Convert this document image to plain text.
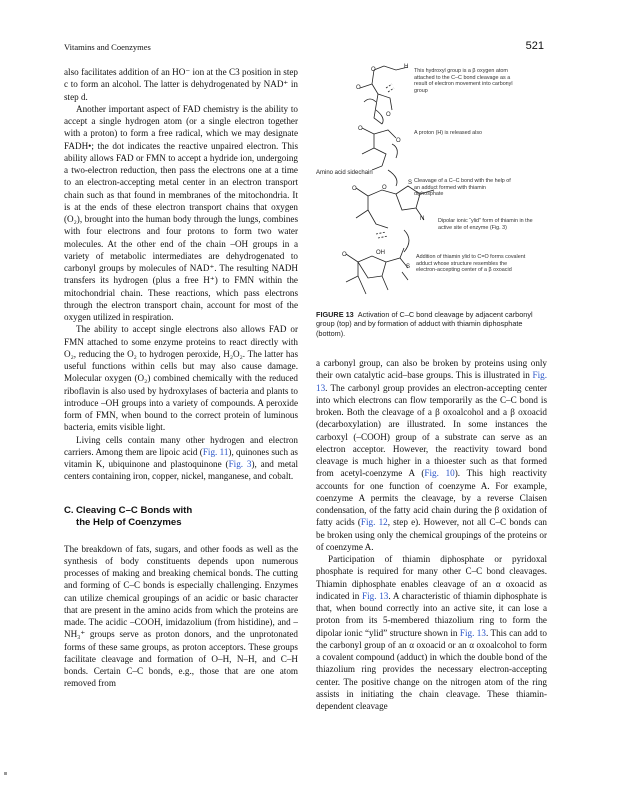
Vitamins and Coenzymes	521

also facilitates addition of an HO⁻ ion at the C3 position in step c to form an alcohol. The latter is dehydrogenated by NAD⁺ in step d.

Another important aspect of FAD chemistry is the ability to accept a single hydrogen atom (or a single electron together with a proton) to form a free radical, which we may designate FADH•; the dot indicates the reactive unpaired electron. This ability allows FAD or FMN to accept a hydride ion, undergoing a two-electron reduction, then pass the electrons one at a time to an electron-accepting metal center in an electron transport chain such as that found in membranes of the mitochondria. It is at the ends of these electron transport chains that oxygen (O₂), brought into the human body through the lungs, combines with four electrons and four protons to form two water molecules. At the other end of the chain –OH groups in a variety of metabolic intermediates are dehydrogenated to carbonyl groups by molecules of NAD⁺. The resulting NADH transfers its hydrogen (plus a free H⁺) to FMN within the mitochondrial chain. These reactions, which pass electrons through the electron transport chain, account for most of the oxygen utilized in respiration.

The ability to accept single electrons also allows FAD or FMN attached to some enzyme proteins to react directly with O₂, reducing the O₂ to hydrogen peroxide, H₂O₂. The latter has useful functions within cells but may also cause damage. Molecular oxygen (O₂) combined chemically with the reduced riboflavin is also used by hydroxylases of bacteria and plants to introduce –OH groups into a variety of compounds. A peroxide form of FMN, when bound to the correct protein of luminous bacteria, emits visible light.

Living cells contain many other hydrogen and electron carriers. Among them are lipoic acid (Fig. 11), quinones such as vitamin K, ubiquinone and plastoquinone (Fig. 3), and metal centers containing iron, copper, nickel, manganese, and cobalt.

C. Cleaving C–C Bonds with
the Help of Coenzymes

The breakdown of fats, sugars, and other foods as well as the synthesis of body constituents depends upon numerous processes of making and breaking chemical bonds. The cutting and forming of C–C bonds is especially challenging. Enzymes can utilize chemical groupings of an acidic or basic character that are present in the amino acids from which the proteins are made. The acidic –COOH, imidazolium (from histidine), and –NH₃⁺ groups serve as proton donors, and the unprotonated forms of these same groups, as proton acceptors. These groups facilitate cleavage and formation of O–H, N–H, and C–H bonds. Certain C–C bonds, e.g., those that are one atom removed from

O	H
O
O
O
O
O	O
S
N
O	OH
S
Amino acid sidechain
This hydroxyl group is a β oxygen atom attached to the C–C bond cleavage as a result of electron movement into carbonyl group
A proton (H) is released also
Cleavage of a C–C bond with the help of an adduct formed with thiamin diphosphate
Dipolar ionic “ylid” form of thiamin in the active site of enzyme (Fig. 3)
Addition of thiamin ylid to C=O forms covalent adduct whose structure resembles the electron-accepting center of a β oxoacid
FIGURE 13 Activation of C–C bond cleavage by adjacent carbonyl group (top) and by formation of adduct with thiamin diphosphate (bottom).

a carbonyl group, can also be broken by proteins using only their own catalytic acid–base groups. This is illustrated in Fig. 13. The carbonyl group provides an electron-accepting center into which electrons can flow temporarily as the C–C bond is broken. Both the cleavage of a β oxoalcohol and a β oxoacid (decarboxylation) are illustrated. In some instances the carboxyl (–COOH) group of a substrate can serve as an electron acceptor. However, the reactivity toward bond cleavage is much higher in a thioester such as that formed from acetyl-coenzyme A (Fig. 10). This high reactivity accounts for one function of coenzyme A. For example, coenzyme A permits the cleavage, by a reverse Claisen condensation, of the fatty acid chain during the β oxidation of fatty acids (Fig. 12, step e). However, not all C–C bonds can be broken using only the chemical groupings of the proteins or of coenzyme A.

Participation of thiamin diphosphate or pyridoxal phosphate is required for many other C–C bond cleavages. Thiamin diphosphate enables cleavage of an α oxoacid as indicated in Fig. 13. A characteristic of thiamin diphosphate is that, when bound correctly into an active site, it can lose a proton from its 5-membered thiazolium ring to form the dipolar ionic “ylid” structure shown in Fig. 13. This can add to the carbonyl group of an α oxoacid or an α oxoalcohol to form a covalent compound (adduct) in which the double bond of the thiazolium ring provides the necessary electron-accepting center. The positive change on the nitrogen atom of the ring assists in initiating the chain cleavage. These thiamin-dependent cleavage
